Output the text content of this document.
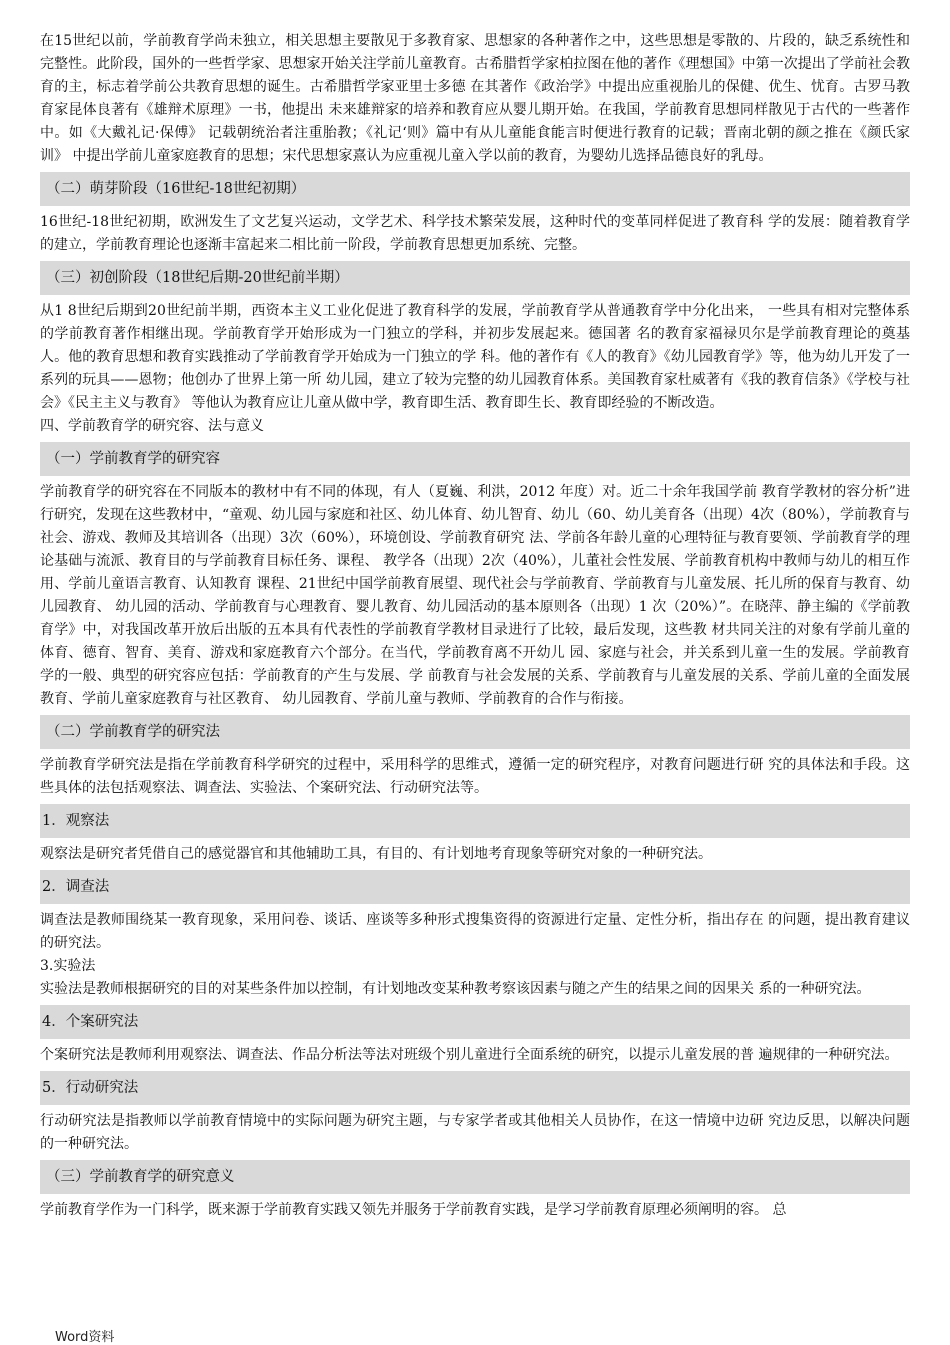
在15世纪以前，学前教育学尚未独立，相关思想主要散见于多教育家、思想家的各种著作之中，这些思想是零散的、片段的，缺乏系统性和完整性。此阶段，国外的一些哲学家、思想家开始关注学前儿童教育。古希腊哲学家柏拉图在他的著作《理想国》中第一次提出了学前社会教育的主，标志着学前公共教育思想的诞生。古希腊哲学家亚里士多德 在其著作《政治学》中提出应重视胎儿的保健、优生、忧育。古罗马教育家昆体良著有《雄辩术原理》一书，他提出 未来雄辩家的培养和教育应从婴儿期开始。在我国，学前教育思想同样散见于古代的一些著作中。如《大戴礼记·保傅》 记载朝统治者注重胎教；《礼记‘则》篇中有从儿童能食能言时便进行教育的记载；晋南北朝的颜之推在《颜氏家训》 中提出学前儿童家庭教育的思想；宋代思想家熹认为应重视儿童入学以前的教育，为婴幼儿选择品德良好的乳母。

（二）萌芽阶段（16世纪-18世纪初期）

16世纪-18世纪初期，欧洲发生了文艺复兴运动，文学艺术、科学技术繁荣发展，这种时代的变革同样促进了教育科 学的发展：随着教育学的建立，学前教育理论也逐渐丰富起来二相比前一阶段，学前教育思想更加系统、完整。

（三）初创阶段（18世纪后期-20世纪前半期）

从1 8世纪后期到20世纪前半期，西资本主义工业化促进了教育科学的发展，学前教育学从普通教育学中分化出来， 一些具有相对完整体系的学前教育著作相继出现。学前教育学开始形成为一门独立的学科，并初步发展起来。德国著 名的教育家福禄贝尔是学前教育理论的奠基人。他的教育思想和教育实践推动了学前教育学开始成为一门独立的学 科。他的著作有《人的教育》《幼儿园教育学》等，他为幼儿开发了一系列的玩具——恩物；他创办了世界上第一所 幼儿园，建立了较为完整的幼儿园教育体系。美国教育家杜威著有《我的教育信条》《学校与社会》《民主主义与教育》 等他认为教育应让儿童从做中学，教育即生活、教育即生长、教育即经验的不断改造。

四、学前教育学的研究容、法与意义

（一）学前教育学的研究容

学前教育学的研究容在不同版本的教材中有不同的体现，有人（夏巍、利洪，2012 年度）对。近二十余年我国学前 教育学教材的容分析”进行研究，发现在这些教材中，“童观、幼儿园与家庭和社区、幼儿体育、幼儿智育、幼儿（60、幼儿美育各（出现）4次（80%），学前教育与社会、游戏、教师及其培训各（出现）3次（60%），环境创设、学前教育研究 法、学前各年龄儿童的心理特征与教育要领、学前教育学的理论基础与流派、教育目的与学前教育目标任务、课程、 教学各（出现）2次（40%），儿董社会性发展、学前教育机构中教师与幼儿的相互作用、学前儿童语言教育、认知教育 课程、21世纪中国学前教育展望、现代社会与学前教育、学前教育与儿童发展、托儿所的保育与教育、幼儿园教育、 幼儿园的活动、学前教育与心理教育、婴儿教育、幼儿园活动的基本原则各（出现）1 次（20%）”。在晓萍、静主编的《学前教育学》中，对我国改革开放后出版的五本具有代表性的学前教育学教材目录进行了比较，最后发现，这些教 材共同关注的对象有学前儿童的体育、德育、智育、美育、游戏和家庭教育六个部分。在当代，学前教育离不开幼儿 园、家庭与社会，并关系到儿童一生的发展。学前教育学的一般、典型的研究容应包括：学前教育的产生与发展、学 前教育与社会发展的关系、学前教育与儿童发展的关系、学前儿童的全面发展教育、学前儿童家庭教育与社区教育、 幼儿园教育、学前儿童与教师、学前教育的合作与衔接。

（二）学前教育学的研究法

学前教育学研究法是指在学前教育科学研究的过程中，采用科学的思维式，遵循一定的研究程序，对教育问题进行研 究的具体法和手段。这些具体的法包括观察法、调查法、实验法、个案研究法、行动研究法等。

1．观察法

观察法是研究者凭借自己的感觉器官和其他辅助工具，有目的、有计划地考育现象等研究对象的一种研究法。

2．调查法

调查法是教师围绕某一教育现象，采用问卷、谈话、座谈等多种形式搜集资得的资源进行定量、定性分析，指出存在 的问题，提出教育建议的研究法。

3.实验法

实验法是教师根据研究的目的对某些条件加以控制，有计划地改变某种教考察该因素与随之产生的结果之间的因果关 系的一种研究法。

4．个案研究法

个案研究法是教师利用观察法、调查法、作品分析法等法对班级个别儿童进行全面系统的研究，以提示儿童发展的普 遍规律的一种研究法。

5．行动研究法

行动研究法是指教师以学前教育情境中的实际问题为研究主题，与专家学者或其他相关人员协作，在这一情境中边研 究边反思，以解决问题的一种研究法。

（三）学前教育学的研究意义

学前教育学作为一门科学，既来源于学前教育实践又领先并服务于学前教育实践，是学习学前教育原理必须阐明的容。 总

Word资料
